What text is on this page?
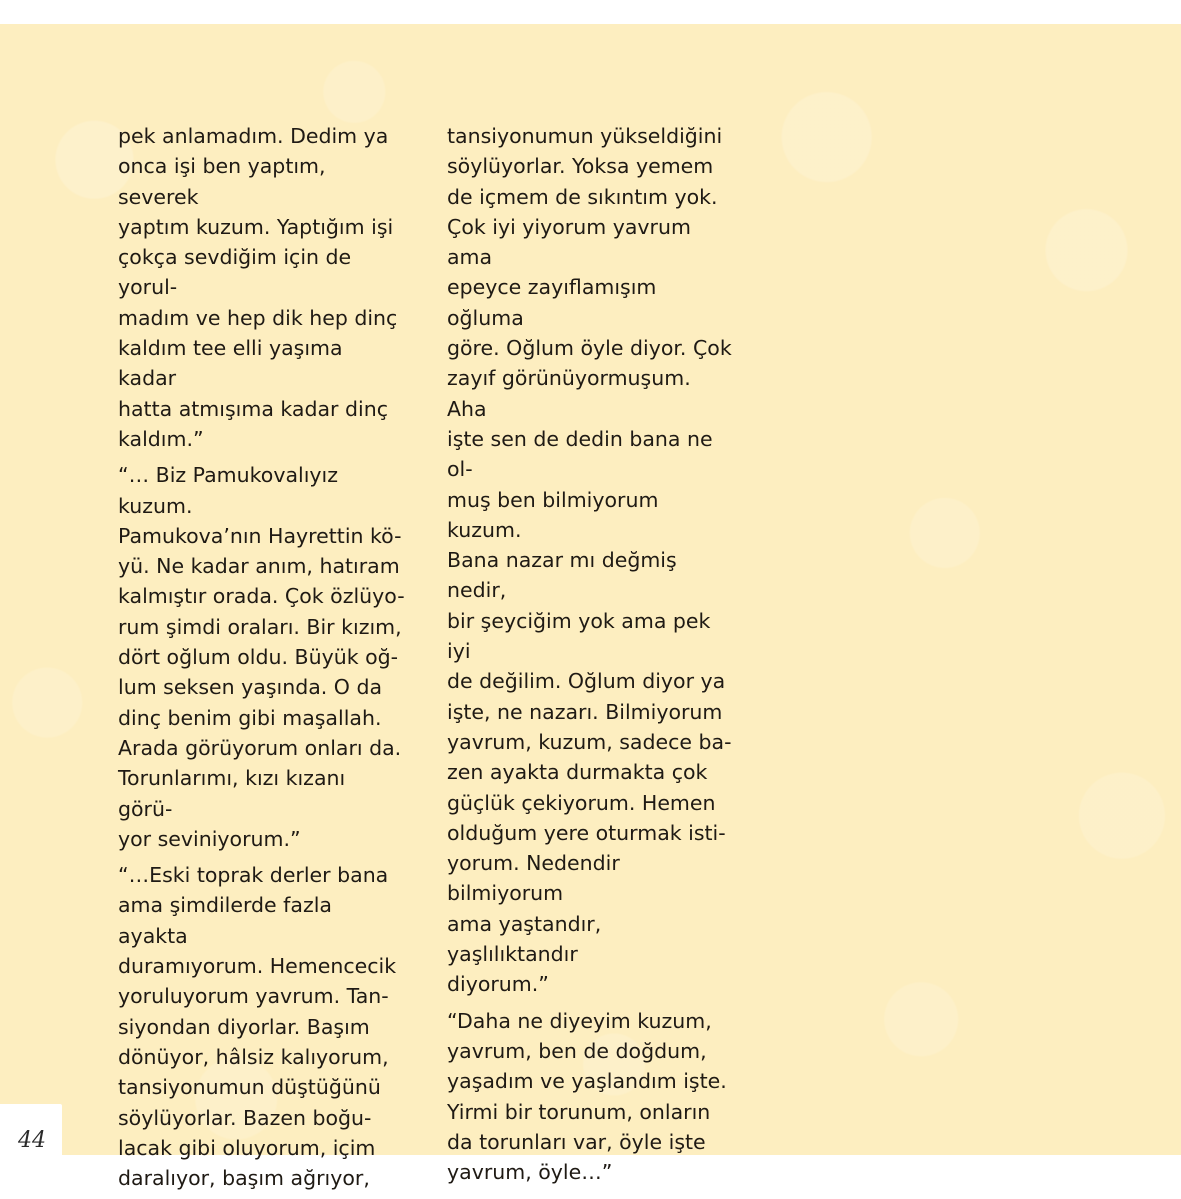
pek anlamadım. Dedim ya
onca işi ben yaptım, severek
yaptım kuzum. Yaptığım işi
çokça sevdiğim için de yorul-
madım ve hep dik hep dinç
kaldım tee elli yaşıma kadar
hatta atmışıma kadar dinç
kaldım.”

“… Biz Pamukovalıyız kuzum.
Pamukova’nın Hayrettin kö-
yü. Ne kadar anım, hatıram
kalmıştır orada. Çok özlüyo-
rum şimdi oraları. Bir kızım,
dört oğlum oldu. Büyük oğ-
lum seksen yaşında. O da
dinç benim gibi maşallah.
Arada görüyorum onları da.
Torunlarımı, kızı kızanı görü-
yor seviniyorum.”

“…Eski toprak derler bana
ama şimdilerde fazla ayakta
duramıyorum. Hemencecik
yoruluyorum yavrum. Tan-
siyondan diyorlar. Başım
dönüyor, hâlsiz kalıyorum,
tansiyonumun düştüğünü
söylüyorlar. Bazen boğu-
lacak gibi oluyorum, içim
daralıyor, başım ağrıyor,

tansiyonumun yükseldiğini
söylüyorlar. Yoksa yemem
de içmem de sıkıntım yok.
Çok iyi yiyorum yavrum ama
epeyce zayıflamışım oğluma
göre. Oğlum öyle diyor. Çok
zayıf görünüyormuşum. Aha
işte sen de dedin bana ne ol-
muş ben bilmiyorum kuzum.
Bana nazar mı değmiş nedir,
bir şeyciğim yok ama pek iyi
de değilim. Oğlum diyor ya
işte, ne nazarı. Bilmiyorum
yavrum, kuzum, sadece ba-
zen ayakta durmakta çok
güçlük çekiyorum. Hemen
olduğum yere oturmak isti-
yorum. Nedendir bilmiyorum
ama yaştandır, yaşlılıktandır
diyorum.”

“Daha ne diyeyim kuzum,
yavrum, ben de doğdum,
yaşadım ve yaşlandım işte.
Yirmi bir torunum, onların
da torunları var, öyle işte
yavrum, öyle…”

44
